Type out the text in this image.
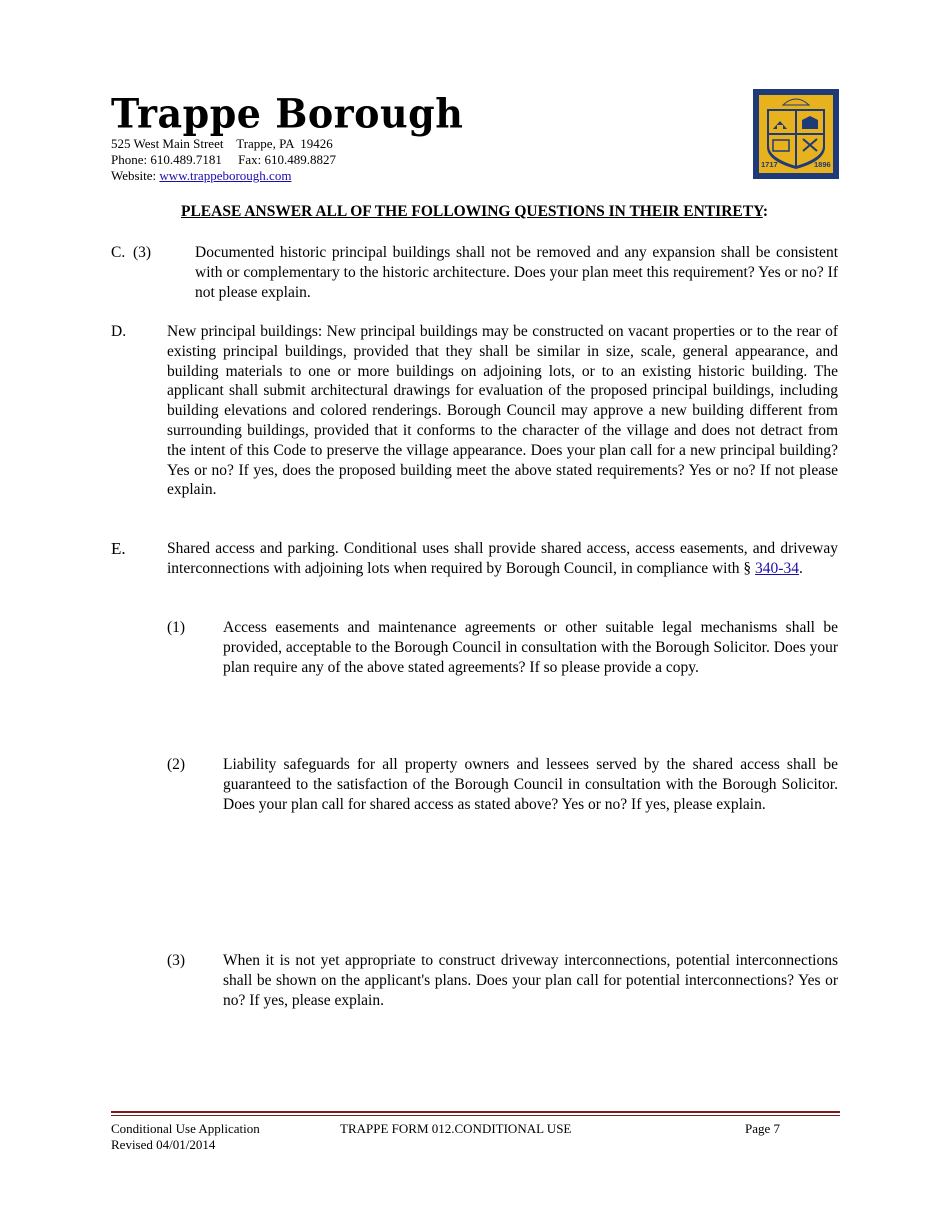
Trappe Borough
525 West Main Street    Trappe, PA  19426
Phone: 610.489.7181     Fax: 610.489.8827
Website: www.trappeborough.com
1717	1896
PLEASE ANSWER ALL OF THE FOLLOWING QUESTIONS IN THEIR ENTIRETY:
C.  (3)	Documented historic principal buildings shall not be removed and any expansion shall be consistent with or complementary to the historic architecture. Does your plan meet this requirement? Yes or no? If not please explain.
D.	New principal buildings: New principal buildings may be constructed on vacant properties or to the rear of existing principal buildings, provided that they shall be similar in size, scale, general appearance, and building materials to one or more buildings on adjoining lots, or to an existing historic building. The applicant shall submit architectural drawings for evaluation of the proposed principal buildings, including building elevations and colored renderings. Borough Council may approve a new building different from surrounding buildings, provided that it conforms to the character of the village and does not detract from the intent of this Code to preserve the village appearance. Does your plan call for a new principal building? Yes or no? If yes, does the proposed building meet the above stated requirements? Yes or no? If not please explain.
E.	Shared access and parking. Conditional uses shall provide shared access, access easements, and driveway interconnections with adjoining lots when required by Borough Council, in compliance with § 340-34.
(1) Access easements and maintenance agreements or other suitable legal mechanisms shall be provided, acceptable to the Borough Council in consultation with the Borough Solicitor. Does your plan require any of the above stated agreements? If so please provide a copy.
(2) Liability safeguards for all property owners and lessees served by the shared access shall be guaranteed to the satisfaction of the Borough Council in consultation with the Borough Solicitor. Does your plan call for shared access as stated above? Yes or no? If yes, please explain.
(3) When it is not yet appropriate to construct driveway interconnections, potential interconnections shall be shown on the applicant's plans. Does your plan call for potential interconnections? Yes or no? If yes, please explain.
Conditional Use Application
Revised 04/01/2014
TRAPPE FORM 012.CONDITIONAL USE	Page 7
